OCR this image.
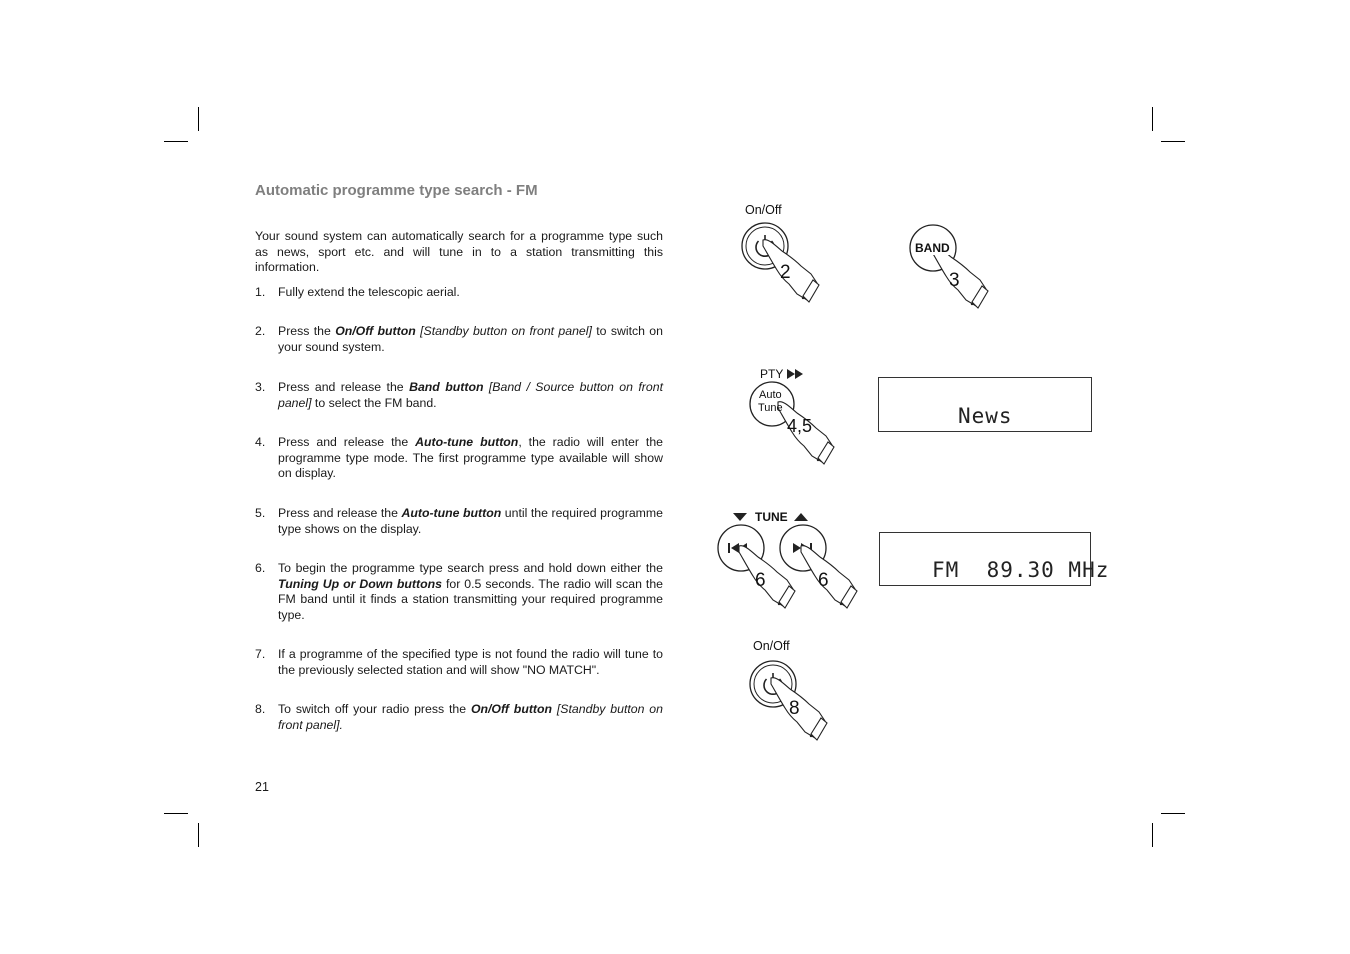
Automatic programme type search - FM
Your sound system can automatically search for a programme type such as news, sport etc. and will tune in to a station transmitting this information.
1. Fully extend the telescopic aerial.
2. Press the On/Off button [Standby button on front panel] to switch on your sound system.
3. Press and release the Band button [Band / Source button on front panel] to select the FM band.
4. Press and release the Auto-tune button, the radio will enter the programme type mode. The first programme type available will show on display.
5. Press and release the Auto-tune button until the required programme type shows on the display.
6. To begin the programme type search press and hold down either the Tuning Up or Down buttons for 0.5 seconds. The radio will scan the FM band until it finds a station transmitting your required programme type.
7. If a programme of the specified type is not found the radio will tune to the previously selected station and will show "NO MATCH".
8. To switch off your radio press the On/Off button [Standby button on front panel].
21
On/Off
2
BAND
3
PTY
Auto
Tune
4,5	News
TUNE
6	6	FM  89.30 MHz
On/Off
8
